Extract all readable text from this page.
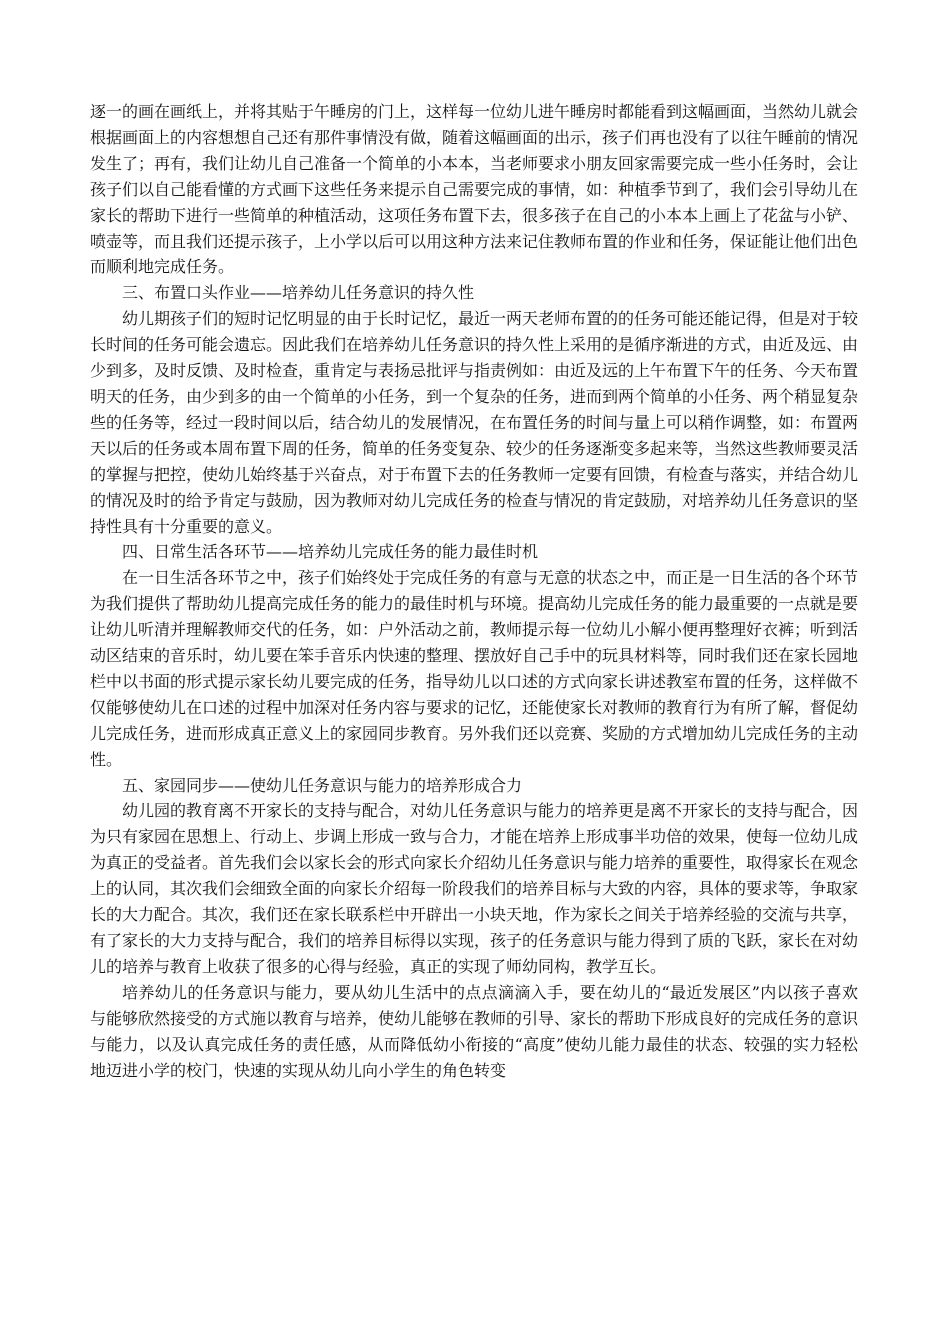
逐一的画在画纸上，并将其贴于午睡房的门上，这样每一位幼儿进午睡房时都能看到这幅画面，当然幼儿就会根据画面上的内容想想自己还有那件事情没有做，随着这幅画面的出示，孩子们再也没有了以往午睡前的情况发生了；再有，我们让幼儿自己准备一个简单的小本本，当老师要求小朋友回家需要完成一些小任务时，会让孩子们以自己能看懂的方式画下这些任务来提示自己需要完成的事情，如：种植季节到了，我们会引导幼儿在家长的帮助下进行一些简单的种植活动，这项任务布置下去，很多孩子在自己的小本本上画上了花盆与小铲、喷壶等，而且我们还提示孩子，上小学以后可以用这种方法来记住教师布置的作业和任务，保证能让他们出色而顺利地完成任务。

三、布置口头作业——培养幼儿任务意识的持久性

幼儿期孩子们的短时记忆明显的由于长时记忆，最近一两天老师布置的的任务可能还能记得，但是对于较长时间的任务可能会遗忘。因此我们在培养幼儿任务意识的持久性上采用的是循序渐进的方式，由近及远、由少到多，及时反馈、及时检查，重肯定与表扬忌批评与指责例如：由近及远的上午布置下午的任务、今天布置明天的任务，由少到多的由一个简单的小任务，到一个复杂的任务，进而到两个简单的小任务、两个稍显复杂些的任务等，经过一段时间以后，结合幼儿的发展情况，在布置任务的时间与量上可以稍作调整，如：布置两天以后的任务或本周布置下周的任务，简单的任务变复杂、较少的任务逐渐变多起来等，当然这些教师要灵活的掌握与把控，使幼儿始终基于兴奋点，对于布置下去的任务教师一定要有回馈，有检查与落实，并结合幼儿的情况及时的给予肯定与鼓励，因为教师对幼儿完成任务的检查与情况的肯定鼓励，对培养幼儿任务意识的坚持性具有十分重要的意义。

四、日常生活各环节——培养幼儿完成任务的能力最佳时机

在一日生活各环节之中，孩子们始终处于完成任务的有意与无意的状态之中，而正是一日生活的各个环节为我们提供了帮助幼儿提高完成任务的能力的最佳时机与环境。提高幼儿完成任务的能力最重要的一点就是要让幼儿听清并理解教师交代的任务，如：户外活动之前，教师提示每一位幼儿小解小便再整理好衣裤；听到活动区结束的音乐时，幼儿要在笨手音乐内快速的整理、摆放好自己手中的玩具材料等，同时我们还在家长园地栏中以书面的形式提示家长幼儿要完成的任务，指导幼儿以口述的方式向家长讲述教室布置的任务，这样做不仅能够使幼儿在口述的过程中加深对任务内容与要求的记忆，还能使家长对教师的教育行为有所了解，督促幼儿完成任务，进而形成真正意义上的家园同步教育。另外我们还以竞赛、奖励的方式增加幼儿完成任务的主动性。

五、家园同步——使幼儿任务意识与能力的培养形成合力

幼儿园的教育离不开家长的支持与配合，对幼儿任务意识与能力的培养更是离不开家长的支持与配合，因为只有家园在思想上、行动上、步调上形成一致与合力，才能在培养上形成事半功倍的效果，使每一位幼儿成为真正的受益者。首先我们会以家长会的形式向家长介绍幼儿任务意识与能力培养的重要性，取得家长在观念上的认同，其次我们会细致全面的向家长介绍每一阶段我们的培养目标与大致的内容，具体的要求等，争取家长的大力配合。其次，我们还在家长联系栏中开辟出一小块天地，作为家长之间关于培养经验的交流与共享，有了家长的大力支持与配合，我们的培养目标得以实现，孩子的任务意识与能力得到了质的飞跃，家长在对幼儿的培养与教育上收获了很多的心得与经验，真正的实现了师幼同构，教学互长。

培养幼儿的任务意识与能力，要从幼儿生活中的点点滴滴入手，要在幼儿的“最近发展区”内以孩子喜欢与能够欣然接受的方式施以教育与培养，使幼儿能够在教师的引导、家长的帮助下形成良好的完成任务的意识与能力，以及认真完成任务的责任感，从而降低幼小衔接的“高度”使幼儿能力最佳的状态、较强的实力轻松地迈进小学的校门，快速的实现从幼儿向小学生的角色转变
